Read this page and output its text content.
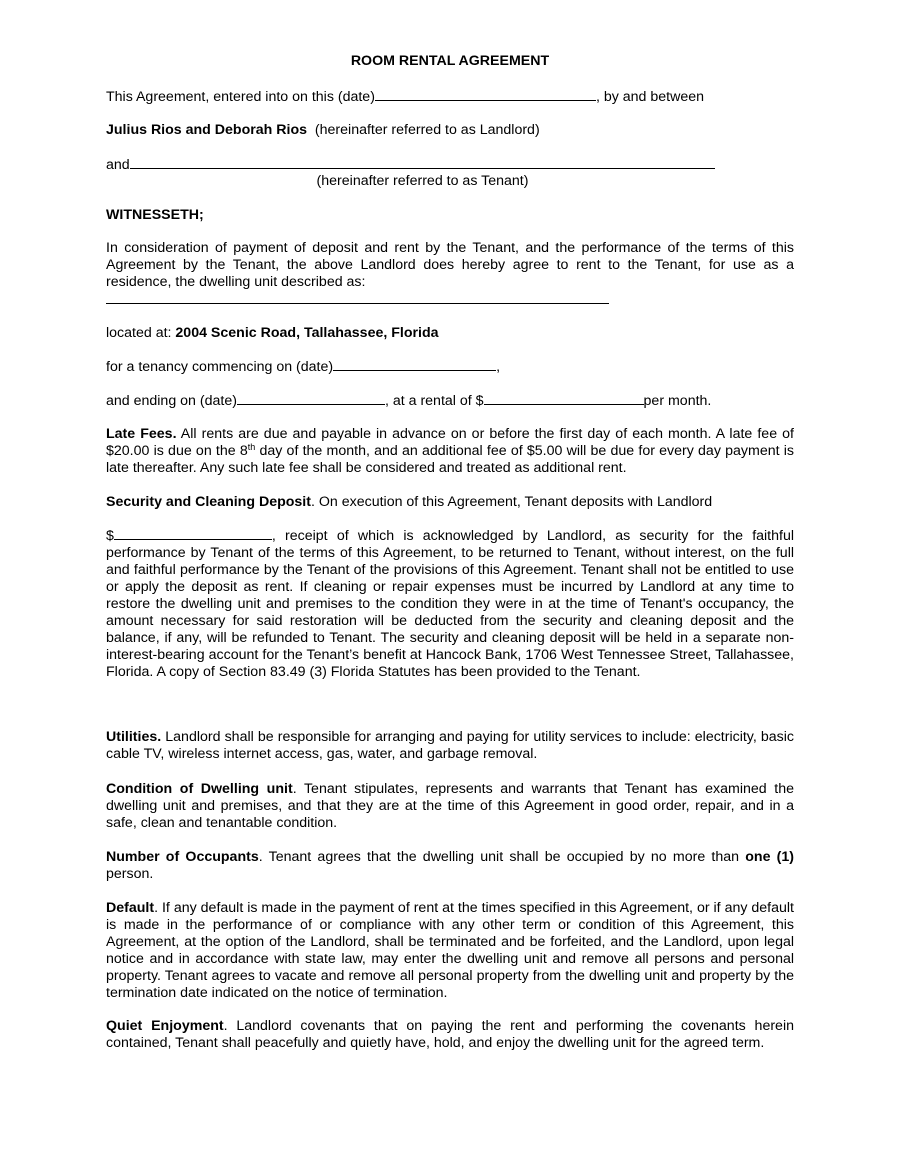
ROOM RENTAL AGREEMENT
This Agreement, entered into on this (date)	, by and between
Julius Rios and Deborah Rios (hereinafter referred to as Landlord)
and
(hereinafter referred to as Tenant)
WITNESSETH;
In consideration of payment of deposit and rent by the Tenant, and the performance of the terms of this Agreement by the Tenant, the above Landlord does hereby agree to rent to the Tenant, for use as a residence, the dwelling unit described as:
located at: 2004 Scenic Road, Tallahassee, Florida
for a tenancy commencing on (date)	,
and ending on (date)	, at a rental of $	per month.
Late Fees. All rents are due and payable in advance on or before the first day of each month. A late fee of $20.00 is due on the 8th day of the month, and an additional fee of $5.00 will be due for every day payment is late thereafter. Any such late fee shall be considered and treated as additional rent.
Security and Cleaning Deposit. On execution of this Agreement, Tenant deposits with Landlord
$	, receipt of which is acknowledged by Landlord, as security for the faithful performance by Tenant of the terms of this Agreement, to be returned to Tenant, without interest, on the full and faithful performance by the Tenant of the provisions of this Agreement. Tenant shall not be entitled to use or apply the deposit as rent. If cleaning or repair expenses must be incurred by Landlord at any time to restore the dwelling unit and premises to the condition they were in at the time of Tenant's occupancy, the amount necessary for said restoration will be deducted from the security and cleaning deposit and the balance, if any, will be refunded to Tenant. The security and cleaning deposit will be held in a separate non-interest-bearing account for the Tenant’s benefit at Hancock Bank, 1706 West Tennessee Street, Tallahassee, Florida. A copy of Section 83.49 (3) Florida Statutes has been provided to the Tenant.
Utilities. Landlord shall be responsible for arranging and paying for utility services to include: electricity, basic cable TV, wireless internet access, gas, water, and garbage removal.
Condition of Dwelling unit. Tenant stipulates, represents and warrants that Tenant has examined the dwelling unit and premises, and that they are at the time of this Agreement in good order, repair, and in a safe, clean and tenantable condition.
Number of Occupants. Tenant agrees that the dwelling unit shall be occupied by no more than one (1) person.
Default. If any default is made in the payment of rent at the times specified in this Agreement, or if any default is made in the performance of or compliance with any other term or condition of this Agreement, this Agreement, at the option of the Landlord, shall be terminated and be forfeited, and the Landlord, upon legal notice and in accordance with state law, may enter the dwelling unit and remove all persons and personal property. Tenant agrees to vacate and remove all personal property from the dwelling unit and property by the termination date indicated on the notice of termination.
Quiet Enjoyment. Landlord covenants that on paying the rent and performing the covenants herein contained, Tenant shall peacefully and quietly have, hold, and enjoy the dwelling unit for the agreed term.
